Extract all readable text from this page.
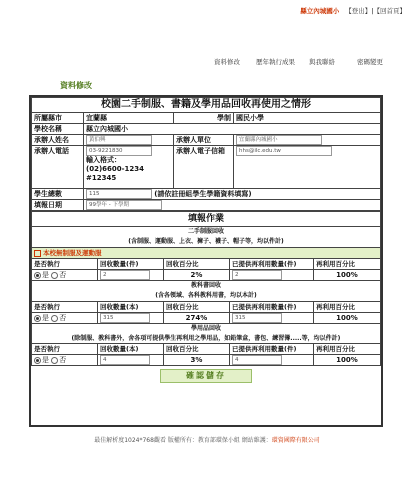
縣立內城國小 【登出】|【回首頁】
資料修改 歷年執行成果 與我聯絡	密碼變更
資料修改
校園二手制服、書籍及學用品回收再使用之情形			
所屬縣市	宜蘭縣	學制	國民小學
學校名稱	縣立內城國小		
承辦人姓名	黃伯興	承辦人單位	宜蘭縣內城國小
承辦人電話	03-9221830
輸入格式：
(02)6600-1234 #12345	承辦人電子信箱	hhs@ilc.edu.tw
學生總數	115 (請依註冊組學生學籍資料填寫)		
填報日期	99學年 - 下學期		
填報作業				
二手制服回收				
(含制服、運動服、上衣、褲子、襪子、帽子等，均以件計)				
本校無制服及運動服				
是否執行	回收數量(件)	回收百分比	已提供再利用數量(件)	再利用百分比
是 否	2	2%	2	100%
教科書回收				
(含各領域、各科教科用書，均以本計)				
是否執行	回收數量(本)	回收百分比	已提供再利用數量(件)	再利用百分比
是 否	315	274%	315	100%
學用品回收				
(除制服、教科書外，舍各項可提供學生再利用之學用品，如鉛筆盒，書包、練習簿.....等，均以件計)				
是否執行	回收數量(本)	回收百分比	已提供再利用數量(件)	再利用百分比
是 否	4	3%	4	100%
確認儲存
最佳解析度1024*768觀看 版權所有：教育部環保小組 網站維護：環資國際有限公司
